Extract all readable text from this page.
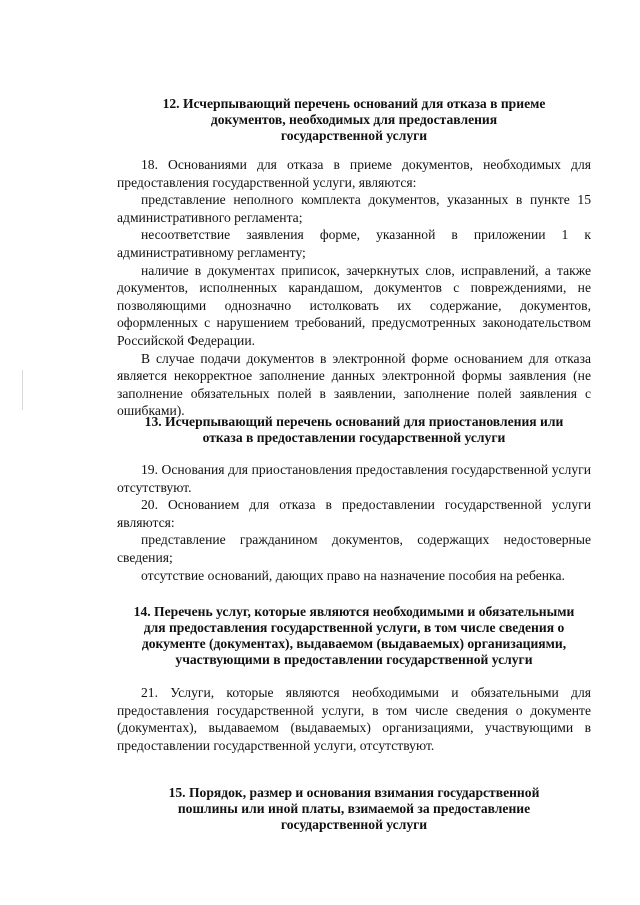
12. Исчерпывающий перечень оснований для отказа в приеме
документов, необходимых для предоставления
государственной услуги

18. Основаниями для отказа в приеме документов, необходимых для предоставления государственной услуги, являются:

представление неполного комплекта документов, указанных в пункте 15 административного регламента;

несоответствие заявления форме, указанной в приложении 1 к административному регламенту;

наличие в документах приписок, зачеркнутых слов, исправлений, а также документов, исполненных карандашом, документов с повреждениями, не позволяющими однозначно истолковать их содержание, документов, оформленных с нарушением требований, предусмотренных законодательством Российской Федерации.

В случае подачи документов в электронной форме основанием для отказа является некорректное заполнение данных электронной формы заявления (не заполнение обязательных полей в заявлении, заполнение полей заявления с ошибками).

13. Исчерпывающий перечень оснований для приостановления или
отказа в предоставлении государственной услуги

19. Основания для приостановления предоставления государственной услуги отсутствуют.

20. Основанием для отказа в предоставлении государственной услуги являются:

представление гражданином документов, содержащих недостоверные сведения;

отсутствие оснований, дающих право на назначение пособия на ребенка.

14. Перечень услуг, которые являются необходимыми и обязательными
для предоставления государственной услуги, в том числе сведения о
документе (документах), выдаваемом (выдаваемых) организациями,
участвующими в предоставлении государственной услуги

21. Услуги, которые являются необходимыми и обязательными для предоставления государственной услуги, в том числе сведения о документе (документах), выдаваемом (выдаваемых) организациями, участвующими в предоставлении государственной услуги, отсутствуют.

15. Порядок, размер и основания взимания государственной
пошлины или иной платы, взимаемой за предоставление
государственной услуги
